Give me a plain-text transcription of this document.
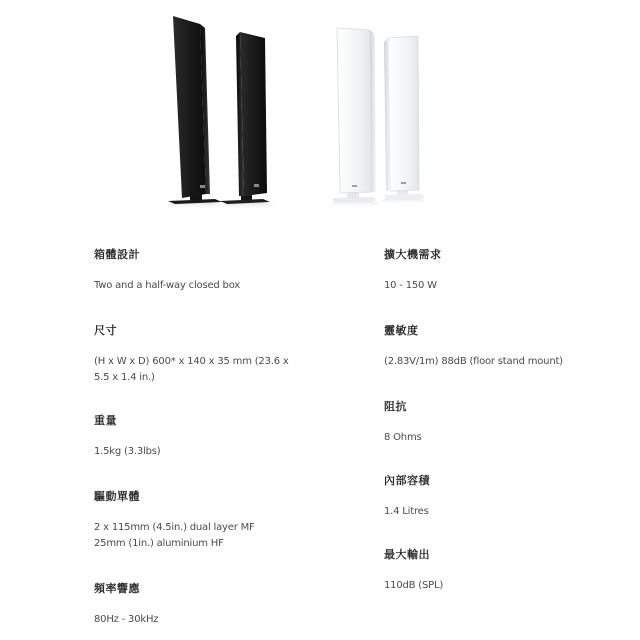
箱體設計

Two and a half-way closed box

尺寸

(H x W x D) 600* x 140 x 35 mm (23.6 x 5.5 x 1.4 in.)

重量

1.5kg (3.3lbs)

驅動單體

2 x 115mm (4.5in.) dual layer MF
25mm (1in.) aluminium HF

頻率響應

80Hz - 30kHz

擴大機需求

10 - 150 W

靈敏度

(2.83V/1m) 88dB (floor stand mount)

阻抗

8 Ohms

內部容積

1.4 Litres

最大輸出

110dB (SPL)
